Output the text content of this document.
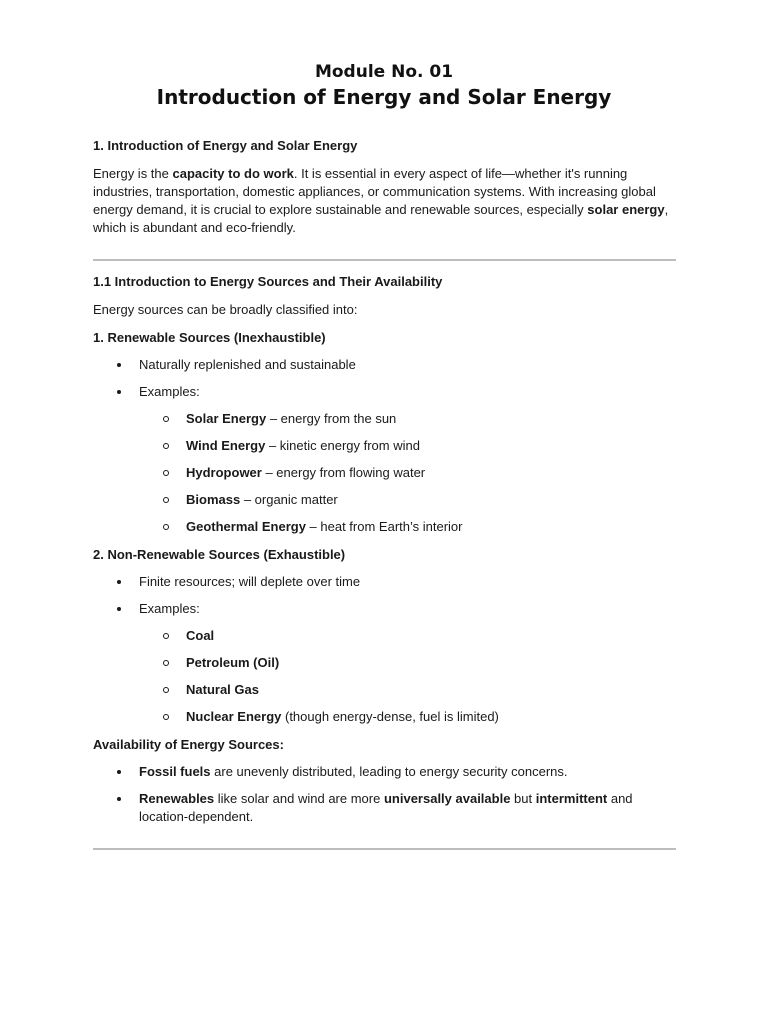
Module No. 01
Introduction of Energy and Solar Energy

1. Introduction of Energy and Solar Energy

Energy is the capacity to do work. It is essential in every aspect of life—whether it's running industries, transportation, domestic appliances, or communication systems. With increasing global energy demand, it is crucial to explore sustainable and renewable sources, especially solar energy, which is abundant and eco-friendly.

1.1 Introduction to Energy Sources and Their Availability

Energy sources can be broadly classified into:

1. Renewable Sources (Inexhaustible)

Naturally replenished and sustainable
Examples:
Solar Energy – energy from the sun
Wind Energy – kinetic energy from wind
Hydropower – energy from flowing water
Biomass – organic matter
Geothermal Energy – heat from Earth’s interior

2. Non-Renewable Sources (Exhaustible)

Finite resources; will deplete over time
Examples:
Coal
Petroleum (Oil)
Natural Gas
Nuclear Energy (though energy-dense, fuel is limited)

Availability of Energy Sources:

Fossil fuels are unevenly distributed, leading to energy security concerns.
Renewables like solar and wind are more universally available but intermittent and location-dependent.
